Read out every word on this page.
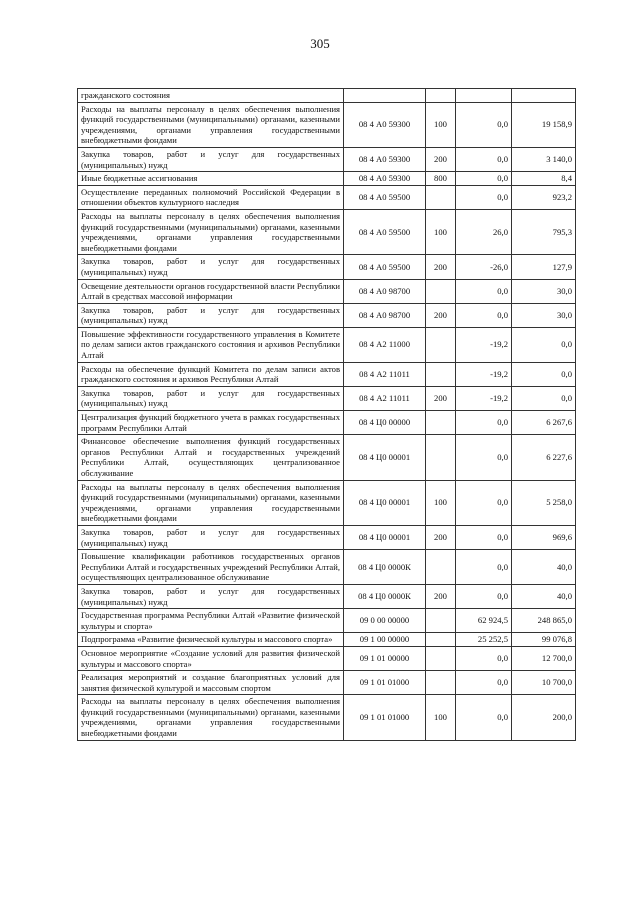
305
гражданского состояния				
Расходы на выплаты персоналу в целях обеспечения выполнения функций государственными (муниципальными) органами, казенными учреждениями, органами управления государственными внебюджетными фондами	08 4 А0 59300	100	0,0	19 158,9
Закупка товаров, работ и услуг для государственных (муниципальных) нужд	08 4 А0 59300	200	0,0	3 140,0
Иные бюджетные ассигнования	08 4 А0 59300	800	0,0	8,4
Осуществление переданных полномочий Российской Федерации в отношении объектов культурного наследия	08 4 А0 59500		0,0	923,2
Расходы на выплаты персоналу в целях обеспечения выполнения функций государственными (муниципальными) органами, казенными учреждениями, органами управления государственными внебюджетными фондами	08 4 А0 59500	100	26,0	795,3
Закупка товаров, работ и услуг для государственных (муниципальных) нужд	08 4 А0 59500	200	-26,0	127,9
Освещение деятельности органов государственной власти Республики Алтай в средствах массовой информации	08 4 А0 98700		0,0	30,0
Закупка товаров, работ и услуг для государственных (муниципальных) нужд	08 4 А0 98700	200	0,0	30,0
Повышение эффективности государственного управления в Комитете по делам записи актов гражданского состояния и архивов Республики Алтай	08 4 А2 11000		-19,2	0,0
Расходы на обеспечение функций Комитета по делам записи актов гражданского состояния и архивов Республики Алтай	08 4 А2 11011		-19,2	0,0
Закупка товаров, работ и услуг для государственных (муниципальных) нужд	08 4 А2 11011	200	-19,2	0,0
Централизация функций бюджетного учета в рамках государственных программ Республики Алтай	08 4 Ц0 00000		0,0	6 267,6
Финансовое обеспечение выполнения функций государственных органов Республики Алтай и государственных учреждений Республики Алтай, осуществляющих централизованное обслуживание	08 4 Ц0 00001		0,0	6 227,6
Расходы на выплаты персоналу в целях обеспечения выполнения функций государственными (муниципальными) органами, казенными учреждениями, органами управления государственными внебюджетными фондами	08 4 Ц0 00001	100	0,0	5 258,0
Закупка товаров, работ и услуг для государственных (муниципальных) нужд	08 4 Ц0 00001	200	0,0	969,6
Повышение квалификации работников государственных органов Республики Алтай и государственных учреждений Республики Алтай, осуществляющих централизованное обслуживание	08 4 Ц0 0000К		0,0	40,0
Закупка товаров, работ и услуг для государственных (муниципальных) нужд	08 4 Ц0 0000К	200	0,0	40,0
Государственная программа Республики Алтай «Развитие физической культуры и спорта»	09 0 00 00000		62 924,5	248 865,0
Подпрограмма «Развитие физической культуры и массового спорта»	09 1 00 00000		25 252,5	99 076,8
Основное мероприятие «Создание условий для развития физической культуры и массового спорта»	09 1 01 00000		0,0	12 700,0
Реализация мероприятий и создание благоприятных условий для занятия физической культурой и массовым спортом	09 1 01 01000		0,0	10 700,0
Расходы на выплаты персоналу в целях обеспечения выполнения функций государственными (муниципальными) органами, казенными учреждениями, органами управления государственными внебюджетными фондами	09 1 01 01000	100	0,0	200,0
